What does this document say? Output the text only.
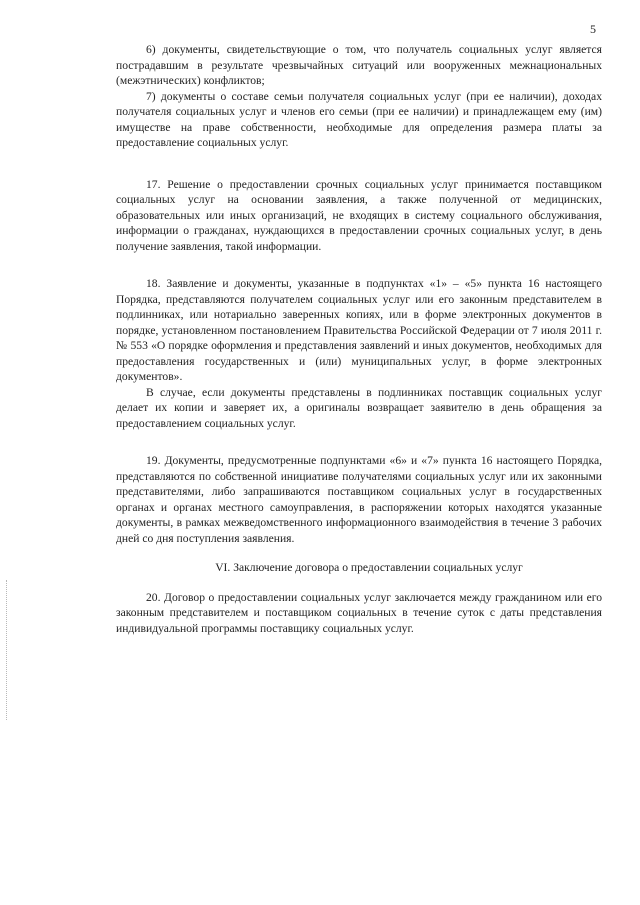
5

6) документы, свидетельствующие о том, что получатель социальных услуг является пострадавшим в результате чрезвычайных ситуаций или вооруженных межнациональных (межэтнических) конфликтов;

7) документы о составе семьи получателя социальных услуг (при ее наличии), доходах получателя социальных услуг и членов его семьи (при ее наличии) и принадлежащем ему (им) имуществе на праве собственности, необходимые для определения размера платы за предоставление социальных услуг.

17. Решение о предоставлении срочных социальных услуг принимается поставщиком социальных услуг на основании заявления, а также полученной от медицинских, образовательных или иных организаций, не входящих в систему социального обслуживания, информации о гражданах, нуждающихся в предоставлении срочных социальных услуг, в день получение заявления, такой информации.

18. Заявление и документы, указанные в подпунктах «1» – «5» пункта 16 настоящего Порядка, представляются получателем социальных услуг или его законным представителем в подлинниках, или нотариально заверенных копиях, или в форме электронных документов в порядке, установленном постановлением Правительства Российской Федерации от 7 июля 2011 г. № 553 «О порядке оформления и представления заявлений и иных документов, необходимых для предоставления государственных и (или) муниципальных услуг, в форме электронных документов».

В случае, если документы представлены в подлинниках поставщик социальных услуг делает их копии и заверяет их, а оригиналы возвращает заявителю в день обращения за предоставлением социальных услуг.

19. Документы, предусмотренные подпунктами «6» и «7» пункта 16 настоящего Порядка, представляются по собственной инициативе получателями социальных услуг или их законными представителями, либо запрашиваются поставщиком социальных услуг в государственных органах и органах местного самоуправления, в распоряжении которых находятся указанные документы, в рамках межведомственного информационного взаимодействия в течение 3 рабочих дней со дня поступления заявления.

VI. Заключение договора о предоставлении социальных услуг

20. Договор о предоставлении социальных услуг заключается между гражданином или его законным представителем и поставщиком социальных в течение суток с даты представления индивидуальной программы поставщику социальных услуг.
